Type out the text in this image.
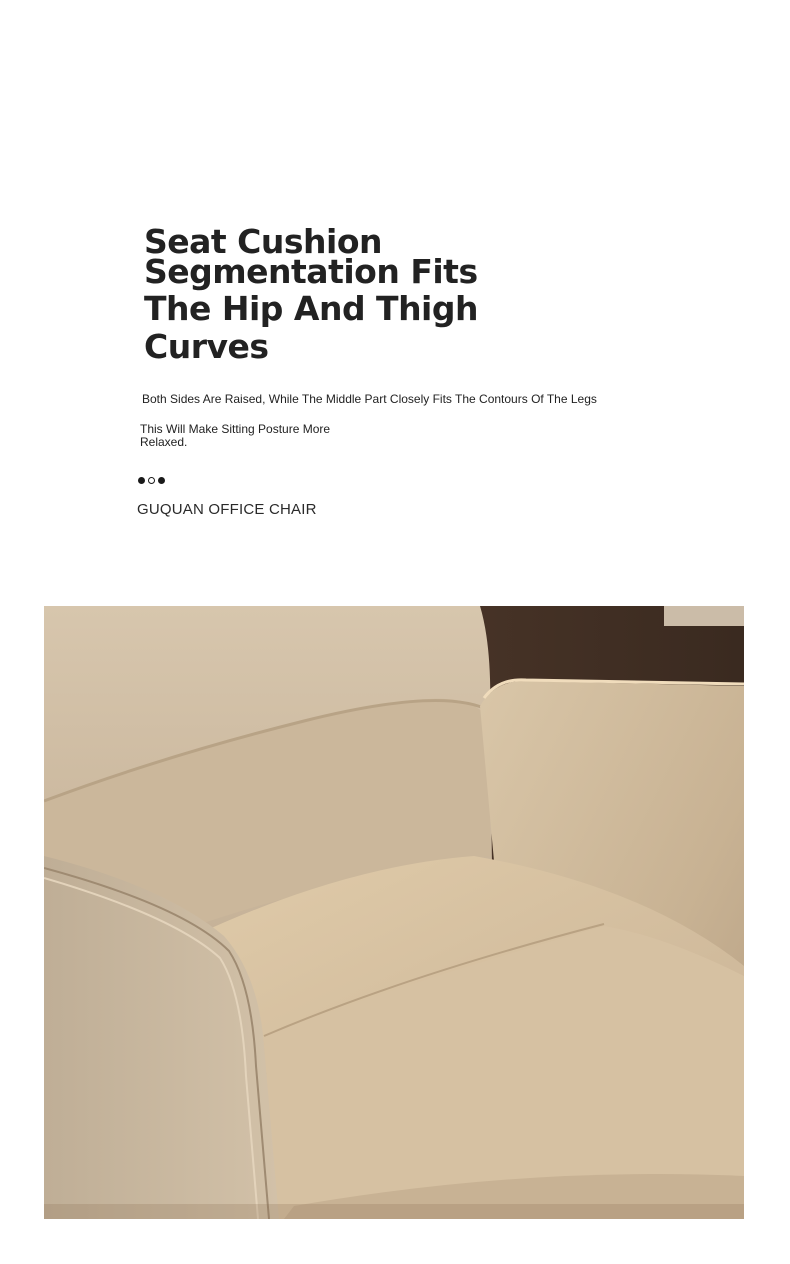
Seat Cushion
Segmentation Fits
The Hip And Thigh
Curves
Both Sides Are Raised, While The Middle Part Closely Fits The Contours Of The Legs
This Will Make Sitting Posture More Relaxed.
GUQUAN OFFICE CHAIR
